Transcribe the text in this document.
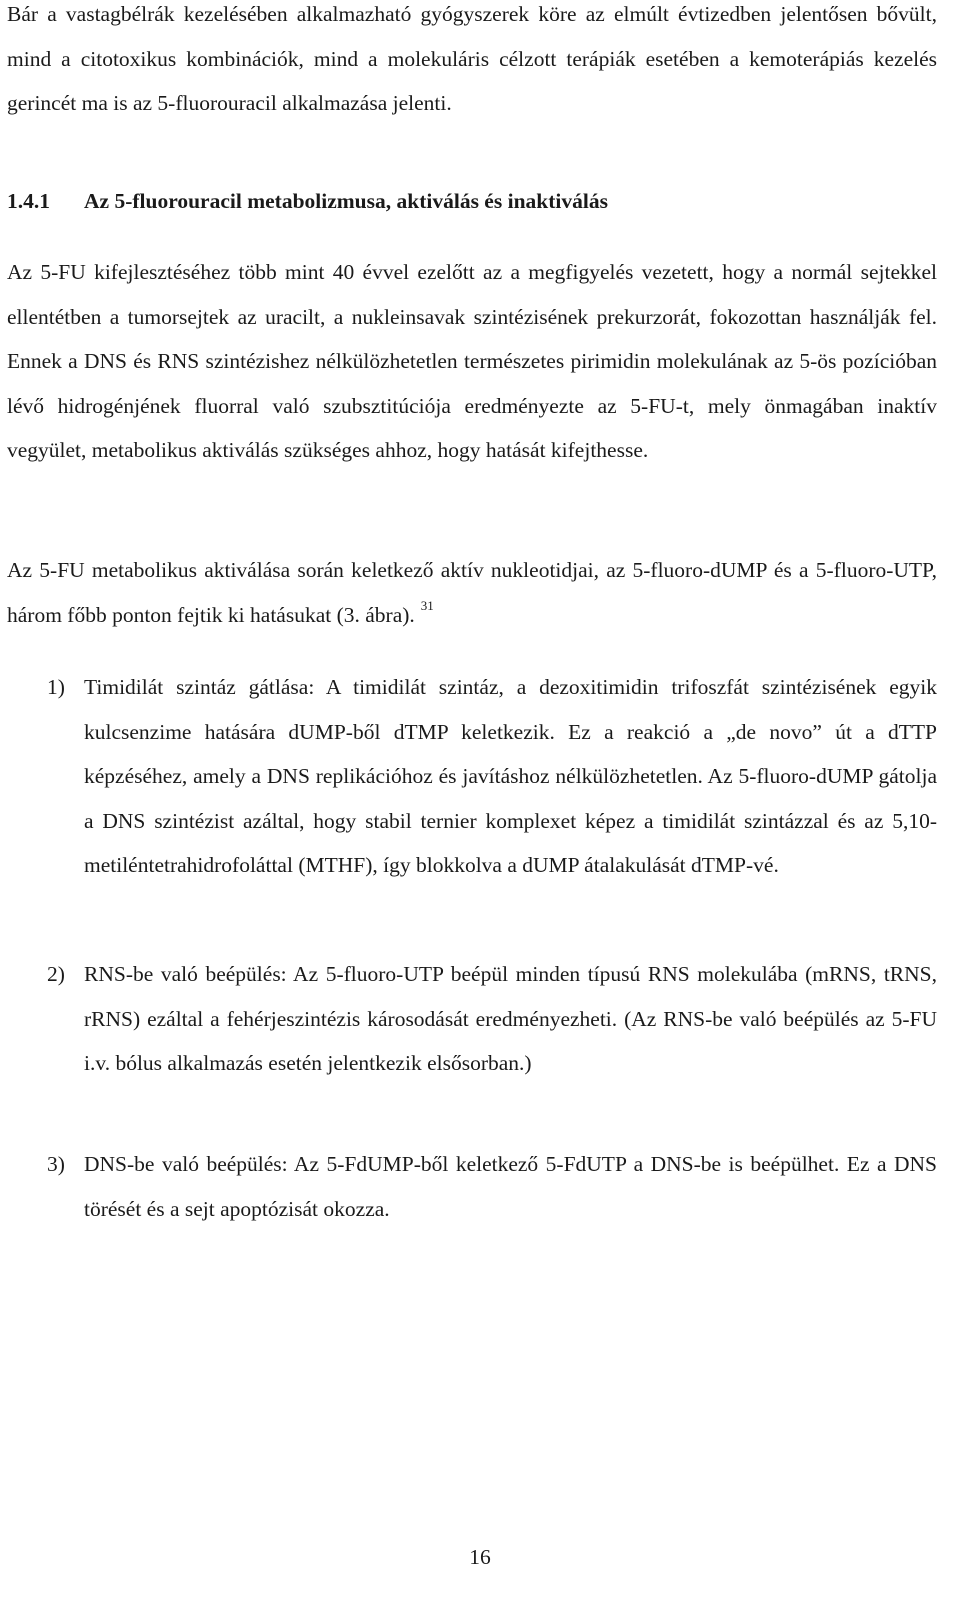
Bár a vastagbélrák kezelésében alkalmazható gyógyszerek köre az elmúlt évtizedben jelentősen bővült, mind a citotoxikus kombinációk, mind a molekuláris célzott terápiák esetében a kemoterápiás kezelés gerincét ma is az 5-fluorouracil alkalmazása jelenti.

1.4.1 Az 5-fluorouracil metabolizmusa, aktiválás és inaktiválás

Az 5-FU kifejlesztéséhez több mint 40 évvel ezelőtt az a megfigyelés vezetett, hogy a normál sejtekkel ellentétben a tumorsejtek az uracilt, a nukleinsavak szintézisének prekurzorát, fokozottan használják fel. Ennek a DNS és RNS szintézishez nélkülözhetetlen természetes pirimidin molekulának az 5-ös pozícióban lévő hidrogénjének fluorral való szubsztitúciója eredményezte az 5-FU-t, mely önmagában inaktív vegyület, metabolikus aktiválás szükséges ahhoz, hogy hatását kifejthesse.

Az 5-FU metabolikus aktiválása során keletkező aktív nukleotidjai, az 5-fluoro-dUMP és a 5-fluoro-UTP, három főbb ponton fejtik ki hatásukat (3. ábra). $^{31}$

1) Timidilát szintáz gátlása: A timidilát szintáz, a dezoxitimidin trifoszfát szintézisének egyik kulcsenzime hatására dUMP-ből dTMP keletkezik. Ez a reakció a „de novo” út a dTTP képzéséhez, amely a DNS replikációhoz és javításhoz nélkülözhetetlen. Az 5-fluoro-dUMP gátolja a DNS szintézist azáltal, hogy stabil ternier komplexet képez a timidilát szintázzal és az 5,10-metiléntetrahidrofoláttal (MTHF), így blokkolva a dUMP átalakulását dTMP-vé.

2) RNS-be való beépülés: Az 5-fluoro-UTP beépül minden típusú RNS molekulába (mRNS, tRNS, rRNS) ezáltal a fehérjeszintézis károsodását eredményezheti. (Az RNS-be való beépülés az 5-FU i.v. bólus alkalmazás esetén jelentkezik elsősorban.)

3) DNS-be való beépülés: Az 5-FdUMP-ből keletkező 5-FdUTP a DNS-be is beépülhet. Ez a DNS törését és a sejt apoptózisát okozza.

16
